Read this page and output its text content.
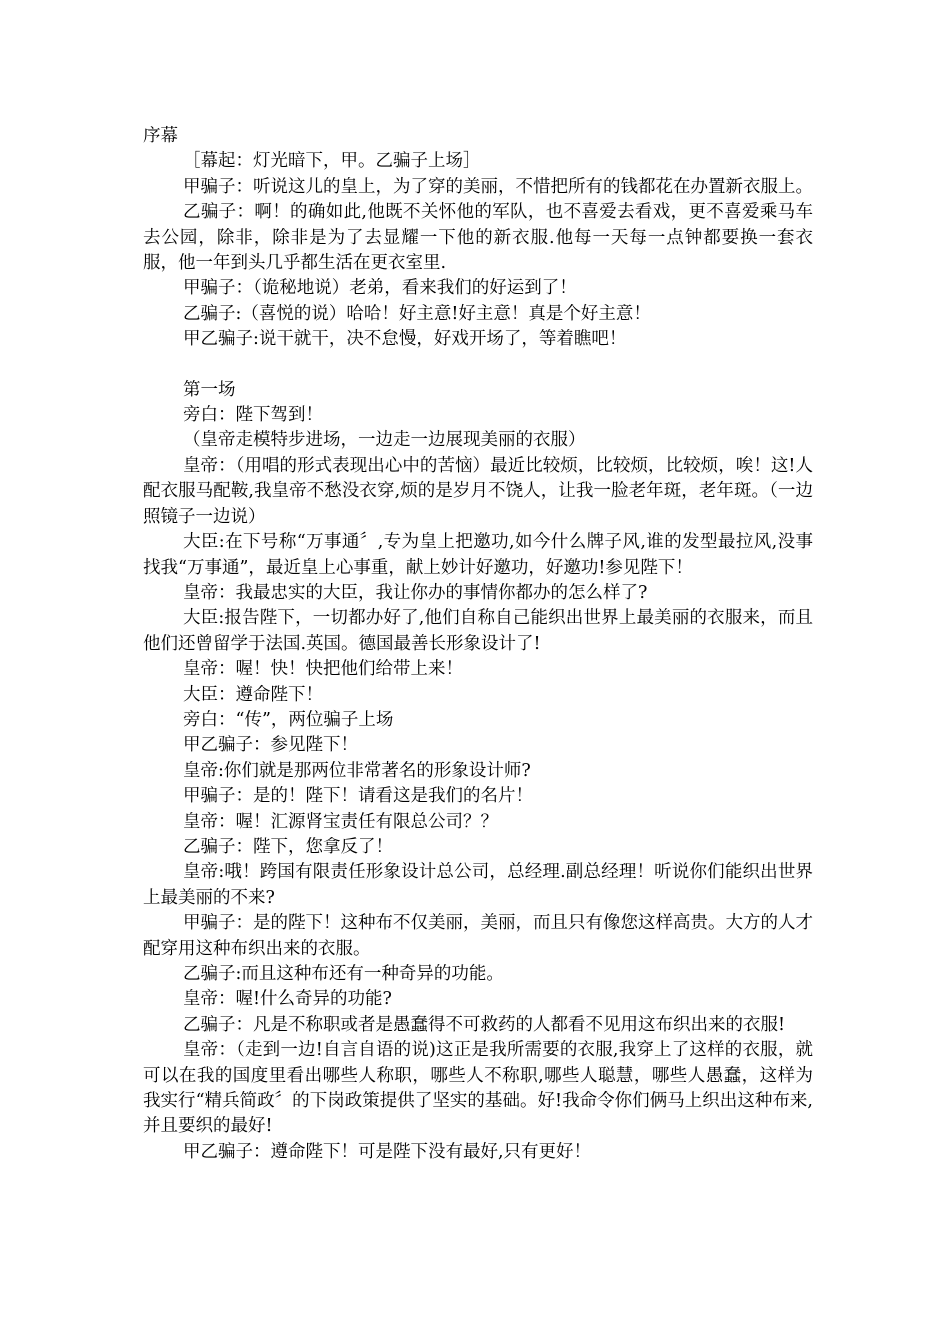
序幕

［幕起：灯光暗下，甲。乙骗子上场］

甲骗子：听说这儿的皇上，为了穿的美丽，不惜把所有的钱都花在办置新衣服上。

乙骗子：啊！的确如此,他既不关怀他的军队，也不喜爱去看戏，更不喜爱乘马车去公园，除非，除非是为了去显耀一下他的新衣服.他每一天每一点钟都要换一套衣服，他一年到头几乎都生活在更衣室里.

甲骗子：（诡秘地说）老弟，看来我们的好运到了！

乙骗子:（喜悦的说）哈哈！好主意!好主意！真是个好主意！

甲乙骗子:说干就干，决不怠慢，好戏开场了，等着瞧吧！

第一场

旁白：陛下驾到！

（皇帝走模特步进场，一边走一边展现美丽的衣服）

皇帝：（用唱的形式表现出心中的苦恼）最近比较烦，比较烦，比较烦，唉！这!人配衣服马配鞍,我皇帝不愁没衣穿,烦的是岁月不饶人，让我一脸老年斑，老年斑。（一边照镜子一边说）

大臣:在下号称“万事通〞,专为皇上把邀功,如今什么牌子风,谁的发型最拉风,没事找我“万事通”，最近皇上心事重，献上妙计好邀功，好邀功!参见陛下！

皇帝：我最忠实的大臣，我让你办的事情你都办的怎么样了?

大臣:报告陛下，一切都办好了,他们自称自己能织出世界上最美丽的衣服来，而且他们还曾留学于法国.英国。德国最善长形象设计了!

皇帝：喔！快！快把他们给带上来！

大臣：遵命陛下！

旁白：“传”，两位骗子上场

甲乙骗子：参见陛下！

皇帝:你们就是那两位非常著名的形象设计师?

甲骗子：是的！陛下！请看这是我们的名片！

皇帝：喔！汇源肾宝责任有限总公司？？

乙骗子：陛下，您拿反了！

皇帝:哦！跨国有限责任形象设计总公司，总经理.副总经理！听说你们能织出世界上最美丽的不来?

甲骗子：是的陛下！这种布不仅美丽，美丽，而且只有像您这样高贵。大方的人才配穿用这种布织出来的衣服。

乙骗子:而且这种布还有一种奇异的功能。

皇帝：喔!什么奇异的功能?

乙骗子：凡是不称职或者是愚蠢得不可救药的人都看不见用这布织出来的衣服!

皇帝：（走到一边!自言自语的说)这正是我所需要的衣服,我穿上了这样的衣服，就可以在我的国度里看出哪些人称职，哪些人不称职,哪些人聪慧，哪些人愚蠢，这样为我实行“精兵简政〞的下岗政策提供了坚实的基础。好!我命令你们俩马上织出这种布来,并且要织的最好!

甲乙骗子：遵命陛下！可是陛下没有最好,只有更好！
